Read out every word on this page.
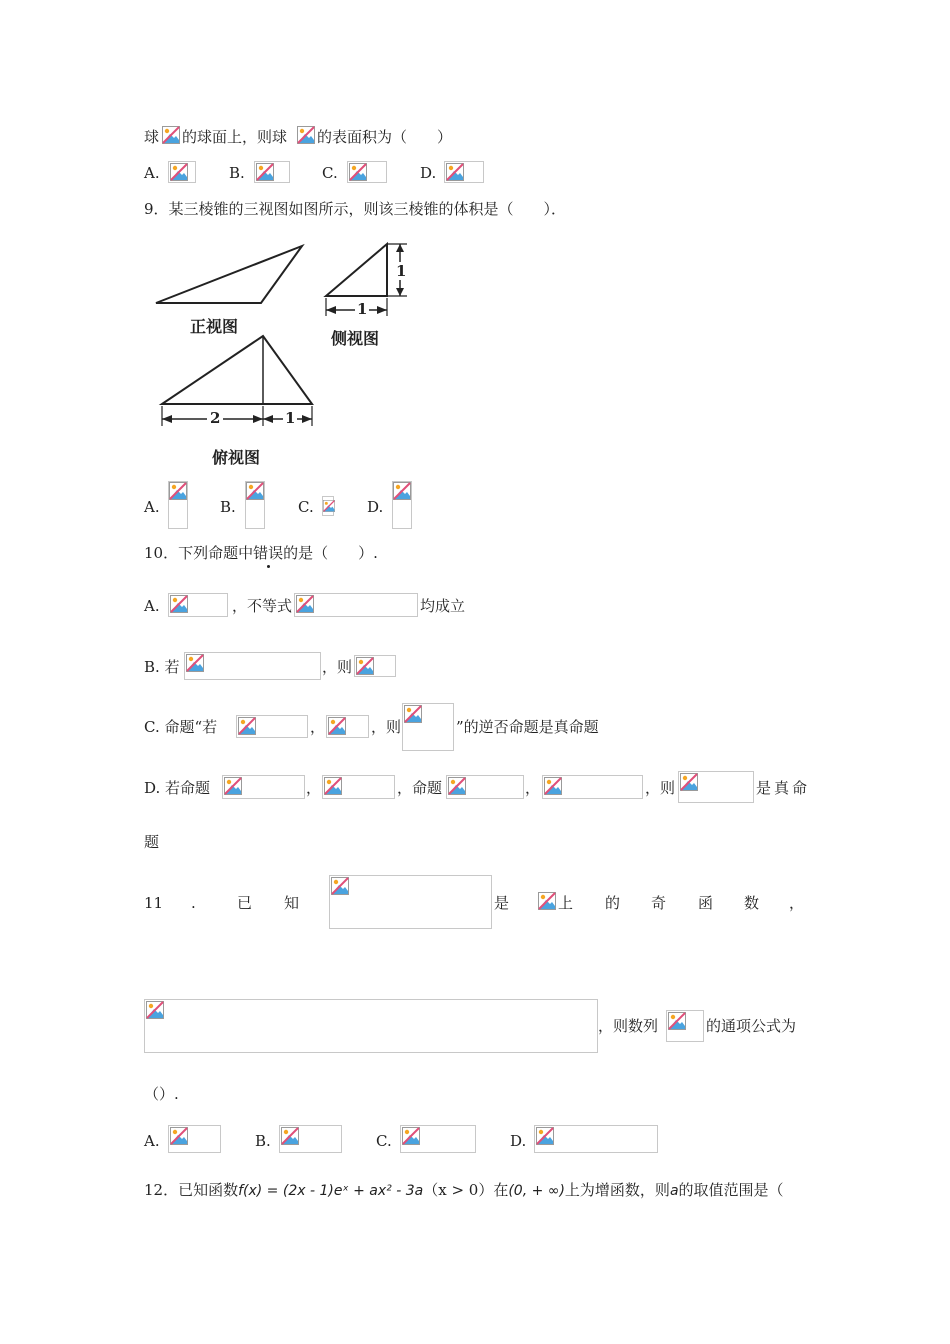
球 的球面上，则球 的表面积为（　　）
A.	B.	C.	D.
9．某三棱锥的三视图如图所示，则该三棱锥的体积是（　　）．
正视图
侧视图
俯视图
1
1
2	1
A.	B.	C.	D.
10．下列命题中错误的是（　　）.
A.	，不等式	均成立
B. 若	，则
C. 命题“若	，	，则	”的逆否命题是真命题
D. 若命题	，	，命题	，	，则	是真命
题
11 .	已 知	是	上 的 奇 函 数 ，
，则数列	的通项公式为
（）.
A.	B.	C.	D.
12．已知函数f(x) = (2x - 1)eˣ + ax² - 3a（x > 0）在(0, + ∞)上为增函数，则a的取值范围是（
